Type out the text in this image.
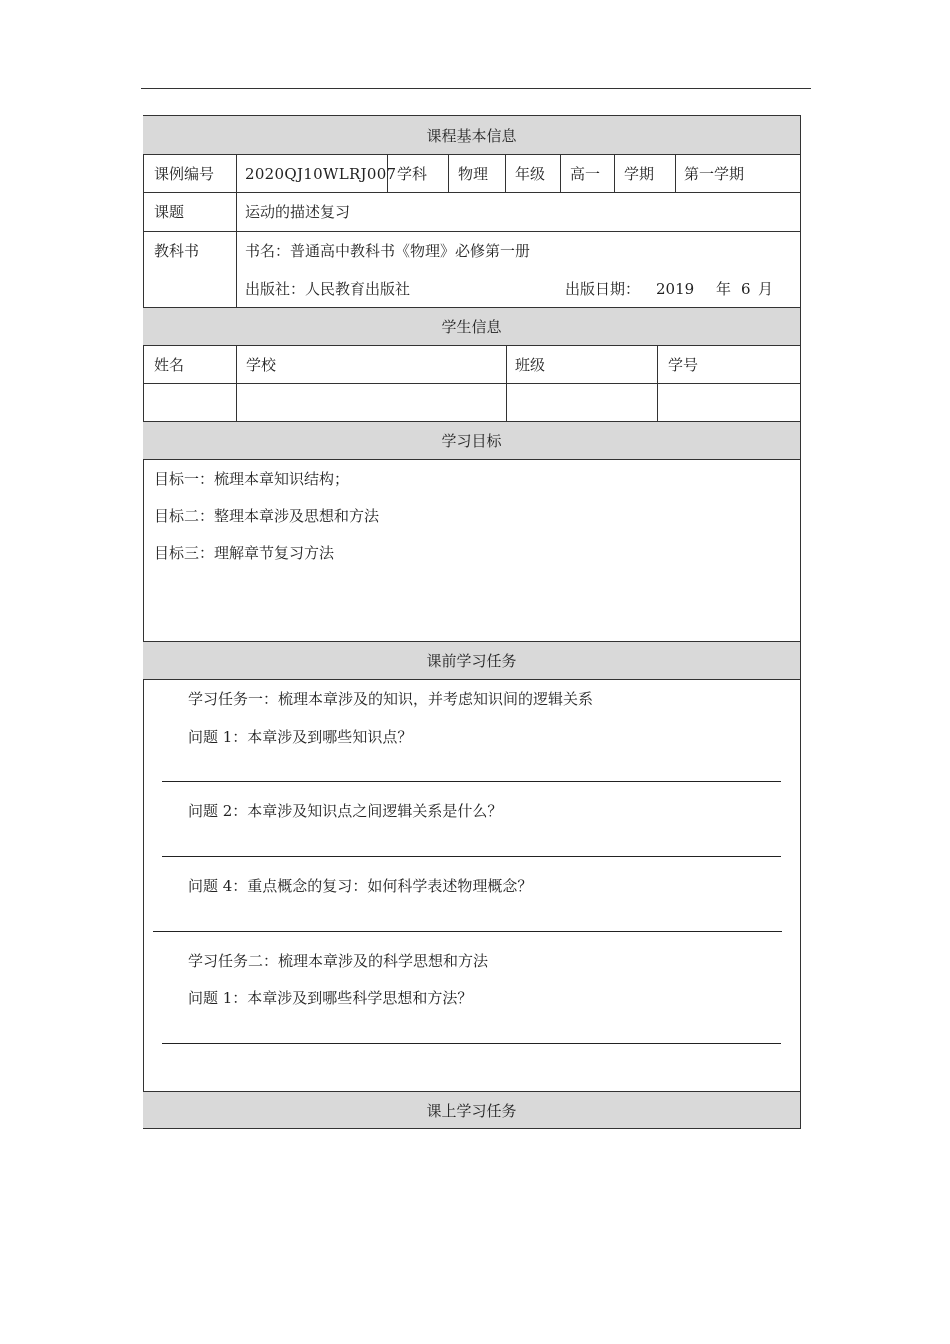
课程基本信息
课例编号 2020QJ10WLRJ007 学科 物理 年级 高一 学期 第一学期
课题	运动的描述复习
教科书	书名：普通高中教科书《物理》必修第一册
出版社：人民教育出版社	出版日期： 2019 年 6 月
学生信息
姓名	学校	班级	学号
学习目标
目标一：梳理本章知识结构；
目标二：整理本章涉及思想和方法
目标三：理解章节复习方法
课前学习任务
学习任务一：梳理本章涉及的知识，并考虑知识间的逻辑关系
问题 1：本章涉及到哪些知识点？
问题 2：本章涉及知识点之间逻辑关系是什么？
问题 4：重点概念的复习：如何科学表述物理概念？
学习任务二：梳理本章涉及的科学思想和方法
问题 1：本章涉及到哪些科学思想和方法？
课上学习任务
